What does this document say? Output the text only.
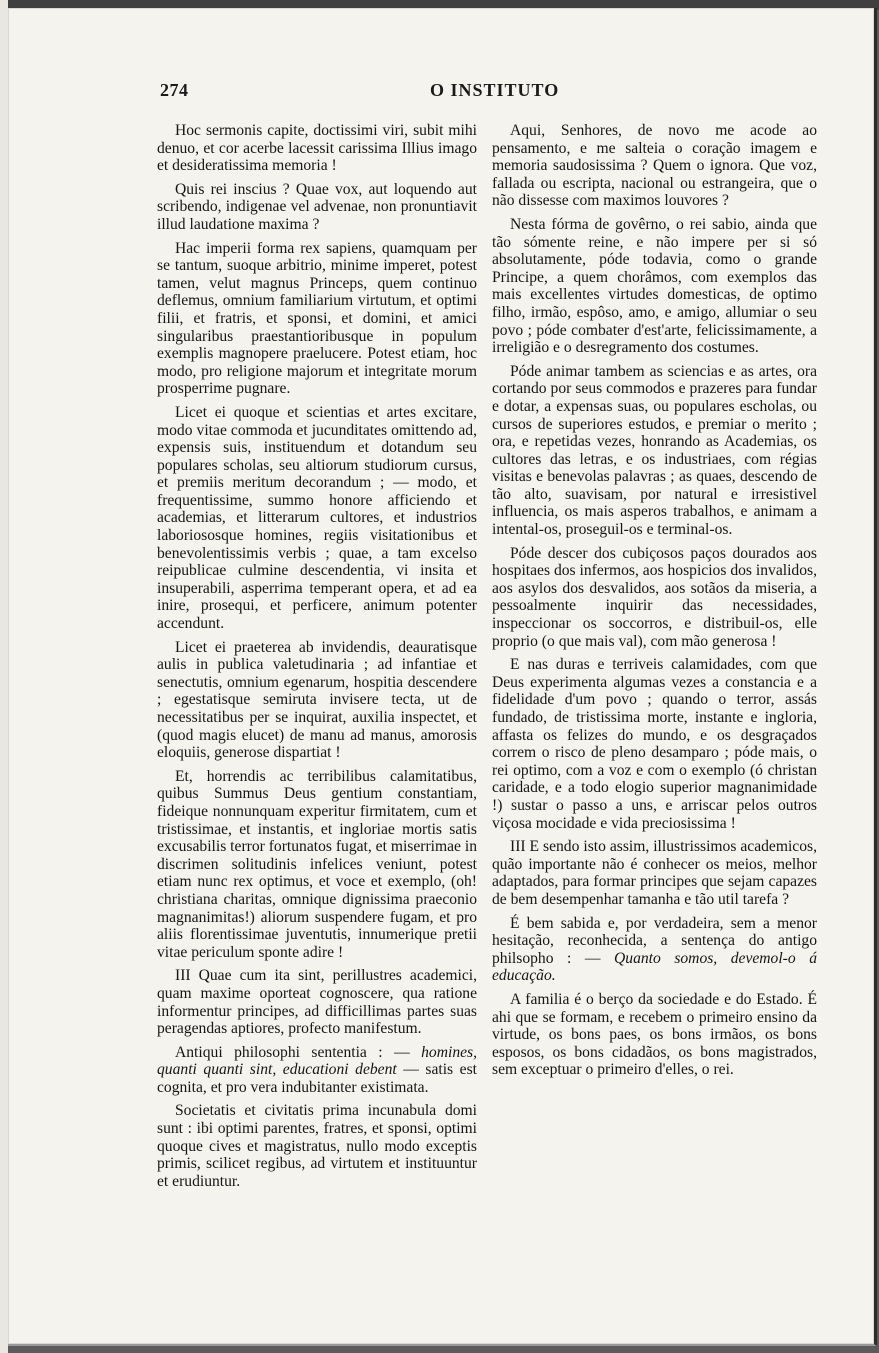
274	O INSTITUTO

Hoc sermonis capite, doctissimi viri, subit mihi denuo, et cor acerbe lacessit carissima Illius imago et desideratissima memoria !

Quis rei inscius ? Quae vox, aut loquendo aut scribendo, indigenae vel advenae, non pronuntiavit illud laudatione maxima ?

Hac imperii forma rex sapiens, quamquam per se tantum, suoque arbitrio, minime imperet, potest tamen, velut magnus Princeps, quem continuo deflemus, omnium familiarium virtutum, et optimi filii, et fratris, et sponsi, et domini, et amici singularibus praestantioribusque in populum exemplis magnopere praelucere. Potest etiam, hoc modo, pro religione majorum et integritate morum prosperrime pugnare.

Licet ei quoque et scientias et artes excitare, modo vitae commoda et jucunditates omittendo ad, expensis suis, instituendum et dotandum seu populares scholas, seu altiorum studiorum cursus, et premiis meritum decorandum ; — modo, et frequentissime, summo honore afficiendo et academias, et litterarum cultores, et industrios laboriososque homines, regiis visitationibus et benevolentissimis verbis ; quae, a tam excelso reipublicae culmine descendentia, vi insita et insuperabili, asperrima temperant opera, et ad ea inire, prosequi, et perficere, animum potenter accendunt.

Licet ei praeterea ab invidendis, deauratisque aulis in publica valetudinaria ; ad infantiae et senectutis, omnium egenarum, hospitia descendere ; egestatisque semiruta invisere tecta, ut de necessitatibus per se inquirat, auxilia inspectet, et (quod magis elucet) de manu ad manus, amorosis eloquiis, generose dispartiat !

Et, horrendis ac terribilibus calamitatibus, quibus Summus Deus gentium constantiam, fideique nonnunquam experitur firmitatem, cum et tristissimae, et instantis, et ingloriae mortis satis excusabilis terror fortunatos fugat, et miserrimae in discrimen solitudinis infelices veniunt, potest etiam nunc rex optimus, et voce et exemplo, (oh! christiana charitas, omnique dignissima praeconio magnanimitas!) aliorum suspendere fugam, et pro aliis florentissimae juventutis, innumerique pretii vitae periculum sponte adire !

III Quae cum ita sint, perillustres academici, quam maxime oporteat cognoscere, qua ratione informentur principes, ad difficillimas partes suas peragendas aptiores, profecto manifestum.

Antiqui philosophi sententia : — homines, quanti quanti sint, educationi debent — satis est cognita, et pro vera indubitanter existimata.

Societatis et civitatis prima incunabula domi sunt : ibi optimi parentes, fratres, et sponsi, optimi quoque cives et magistratus, nullo modo exceptis primis, scilicet regibus, ad virtutem et instituuntur et erudiuntur.

Aqui, Senhores, de novo me acode ao pensamento, e me salteia o coração imagem e memoria saudosissima ? Quem o ignora. Que voz, fallada ou escripta, nacional ou estrangeira, que o não dissesse com maximos louvores ?

Nesta fórma de govêrno, o rei sabio, ainda que tão sómente reine, e não impere per si só absolutamente, póde todavia, como o grande Principe, a quem chorâmos, com exemplos das mais excellentes virtudes domesticas, de optimo filho, irmão, espôso, amo, e amigo, allumiar o seu povo ; póde combater d'est'arte, felicissimamente, a irreligião e o desregramento dos costumes.

Póde animar tambem as sciencias e as artes, ora cortando por seus commodos e prazeres para fundar e dotar, a expensas suas, ou populares escholas, ou cursos de superiores estudos, e premiar o merito ; ora, e repetidas vezes, honrando as Academias, os cultores das letras, e os industriaes, com régias visitas e benevolas palavras ; as quaes, descendo de tão alto, suavisam, por natural e irresistivel influencia, os mais asperos trabalhos, e animam a intental-os, proseguil-os e terminal-os.

Póde descer dos cubiçosos paços dourados aos hospitaes dos infermos, aos hospicios dos invalidos, aos asylos dos desvalidos, aos sotãos da miseria, a pessoalmente inquirir das necessidades, inspeccionar os soccorros, e distribuil-os, elle proprio (o que mais val), com mão generosa !

E nas duras e terriveis calamidades, com que Deus experimenta algumas vezes a constancia e a fidelidade d'um povo ; quando o terror, assás fundado, de tristissima morte, instante e ingloria, affasta os felizes do mundo, e os desgraçados correm o risco de pleno desamparo ; póde mais, o rei optimo, com a voz e com o exemplo (ó christan caridade, e a todo elogio superior magnanimidade !) sustar o passo a uns, e arriscar pelos outros viçosa mocidade e vida preciosissima !

III E sendo isto assim, illustrissimos academicos, quão importante não é conhecer os meios, melhor adaptados, para formar principes que sejam capazes de bem desempenhar tamanha e tão util tarefa ?

É bem sabida e, por verdadeira, sem a menor hesitação, reconhecida, a sentença do antigo philsopho : — Quanto somos, devemol-o á educação.

A familia é o berço da sociedade e do Estado. É ahi que se formam, e recebem o primeiro ensino da virtude, os bons paes, os bons irmãos, os bons esposos, os bons cidadãos, os bons magistrados, sem exceptuar o primeiro d'elles, o rei.
